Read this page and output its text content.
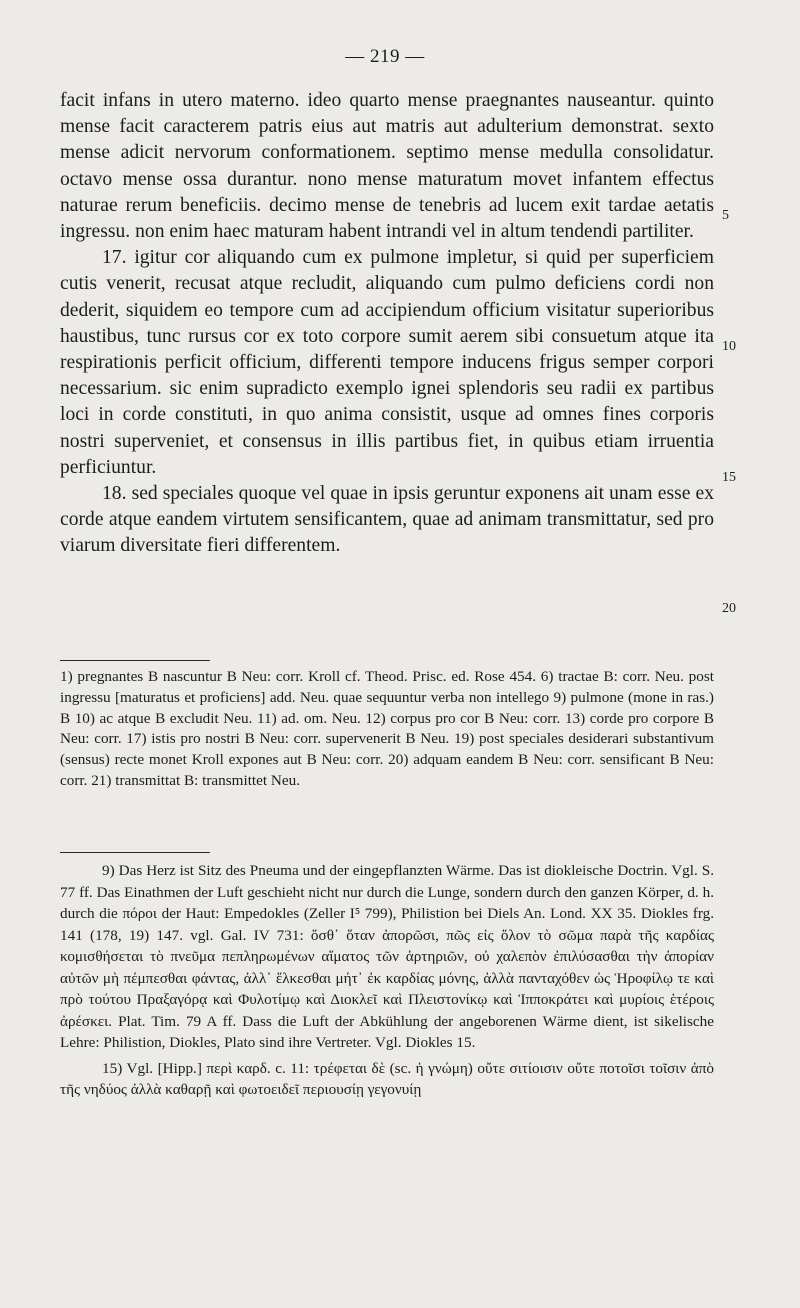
— 219 —

facit infans in utero materno. ideo quarto mense praegnantes nauseantur. quinto mense facit caracterem patris eius aut matris aut adulterium demonstrat. sexto mense adicit nervorum conformationem. septimo mense medulla consolidatur. octavo mense ossa durantur. nono mense maturatum movet infantem effectus naturae rerum beneficiis. decimo mense de tenebris ad lucem exit tardae aetatis ingressu. non enim haec maturam habent intrandi vel in altum tendendi partiliter.

17. igitur cor aliquando cum ex pulmone impletur, si quid per superficiem cutis venerit, recusat atque recludit, aliquando cum pulmo deficiens cordi non dederit, siquidem eo tempore cum ad accipiendum officium visitatur superioribus haustibus, tunc rursus cor ex toto corpore sumit aerem sibi consuetum atque ita respirationis perficit officium, differenti tempore inducens frigus semper corpori necessarium. sic enim supradicto exemplo ignei splendoris seu radii ex partibus loci in corde constituti, in quo anima consistit, usque ad omnes fines corporis nostri superveniet, et consensus in illis partibus fiet, in quibus etiam irruentia perficiuntur.

18. sed speciales quoque vel quae in ipsis geruntur exponens ait unam esse ex corde atque eandem virtutem sensificantem, quae ad animam transmittatur, sed pro viarum diversitate fieri differentem.

5
10
15
20

1) pregnantes B nascuntur B Neu: corr. Kroll cf. Theod. Prisc. ed. Rose 454. 6) tractae B: corr. Neu. post ingressu [maturatus et proficiens] add. Neu. quae sequuntur verba non intellego 9) pulmone (mone in ras.) B 10) ac atque B excludit Neu. 11) ad. om. Neu. 12) corpus pro cor B Neu: corr. 13) corde pro corpore B Neu: corr. 17) istis pro nostri B Neu: corr. supervenerit B Neu. 19) post speciales desiderari substantivum (sensus) recte monet Kroll expones aut B Neu: corr. 20) adquam eandem B Neu: corr. sensificant B Neu: corr. 21) transmittat B: transmittet Neu.

9) Das Herz ist Sitz des Pneuma und der eingepflanzten Wärme. Das ist diokleische Doctrin. Vgl. S. 77 ff. Das Einathmen der Luft geschieht nicht nur durch die Lunge, sondern durch den ganzen Körper, d. h. durch die πόροι der Haut: Empedokles (Zeller I⁵ 799), Philistion bei Diels An. Lond. XX 35. Diokles frg. 141 (178, 19) 147. vgl. Gal. IV 731: ὅσθ᾽ ὅταν ἀπορῶσι, πῶς εἰς ὅλον τὸ σῶμα παρὰ τῆς καρδίας κομισθήσεται τὸ πνεῦμα πεπληρωμένων αἵματος τῶν ἀρτηριῶν, οὐ χαλεπὸν ἐπιλύσασθαι τὴν ἀπορίαν αὐτῶν μὴ πέμπεσθαι φάντας, ἀλλ᾽ ἕλκεσθαι μήτ᾽ ἐκ καρδίας μόνης, ἀλλὰ πανταχόθεν ὡς Ἡροφίλῳ τε καὶ πρὸ τούτου Πραξαγόρᾳ καὶ Φυλοτίμῳ καὶ Διοκλεῖ καὶ Πλειστονίκῳ καὶ Ἱπποκράτει καὶ μυρίοις ἑτέροις ἀρέσκει. Plat. Tim. 79 A ff. Dass die Luft der Abkühlung der angeborenen Wärme dient, ist sikelische Lehre: Philistion, Diokles, Plato sind ihre Vertreter. Vgl. Diokles 15.

15) Vgl. [Hipp.] περὶ καρδ. c. 11: τρέφεται δὲ (sc. ἡ γνώμη) οὔτε σιτίοισιν οὔτε ποτοῖσι τοῖσιν ἀπὸ τῆς νηδύος ἀλλὰ καθαρῇ καὶ φωτοειδεῖ περιουσίῃ γεγονυίῃ
